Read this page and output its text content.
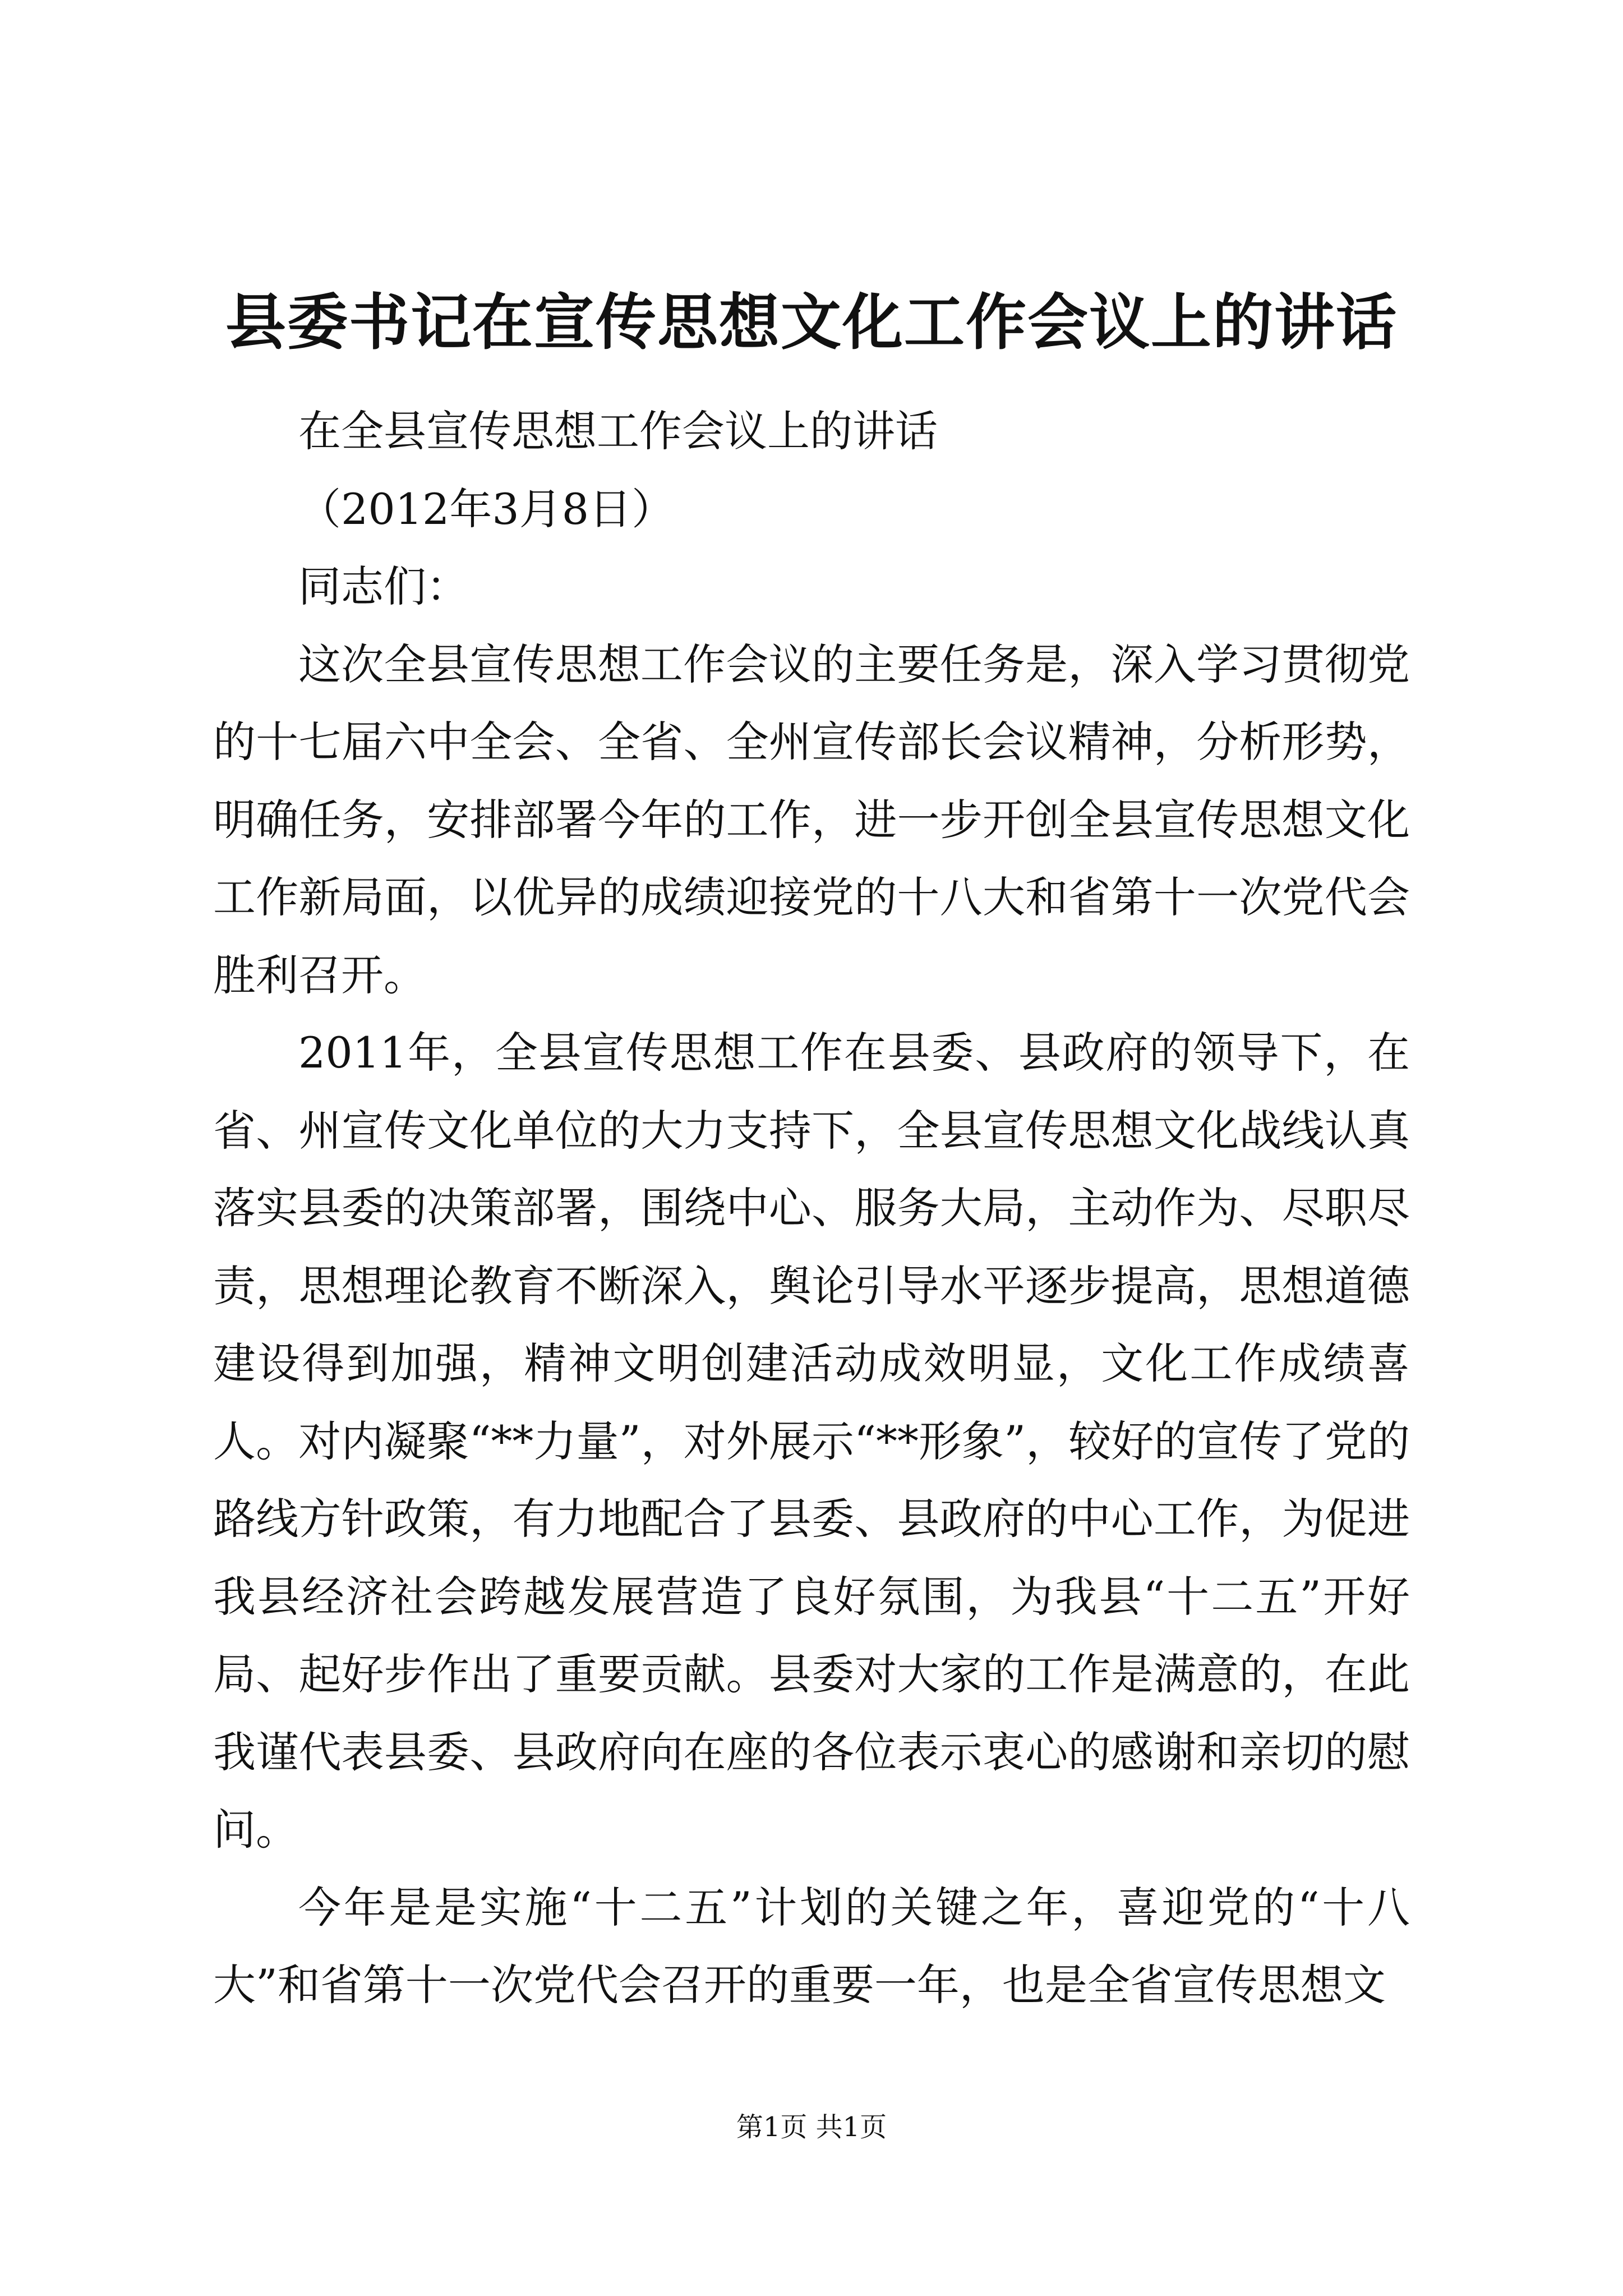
县委书记在宣传思想文化工作会议上的讲话

在全县宣传思想工作会议上的讲话

（2012年3月8日）

同志们：

这次全县宣传思想工作会议的主要任务是，深入学习贯彻党的十七届六中全会、全省、全州宣传部长会议精神，分析形势，明确任务，安排部署今年的工作，进一步开创全县宣传思想文化工作新局面，以优异的成绩迎接党的十八大和省第十一次党代会胜利召开。

2011年，全县宣传思想工作在县委、县政府的领导下，在省、州宣传文化单位的大力支持下，全县宣传思想文化战线认真落实县委的决策部署，围绕中心、服务大局，主动作为、尽职尽责，思想理论教育不断深入，舆论引导水平逐步提高，思想道德建设得到加强，精神文明创建活动成效明显，文化工作成绩喜人。对内凝聚“**力量”，对外展示“**形象”，较好的宣传了党的路线方针政策，有力地配合了县委、县政府的中心工作，为促进我县经济社会跨越发展营造了良好氛围，为我县“十二五”开好局、起好步作出了重要贡献。县委对大家的工作是满意的，在此我谨代表县委、县政府向在座的各位表示衷心的感谢和亲切的慰问。

今年是是实施“十二五”计划的关键之年，喜迎党的“十八大”和省第十一次党代会召开的重要一年，也是全省宣传思想文

第1页 共1页
